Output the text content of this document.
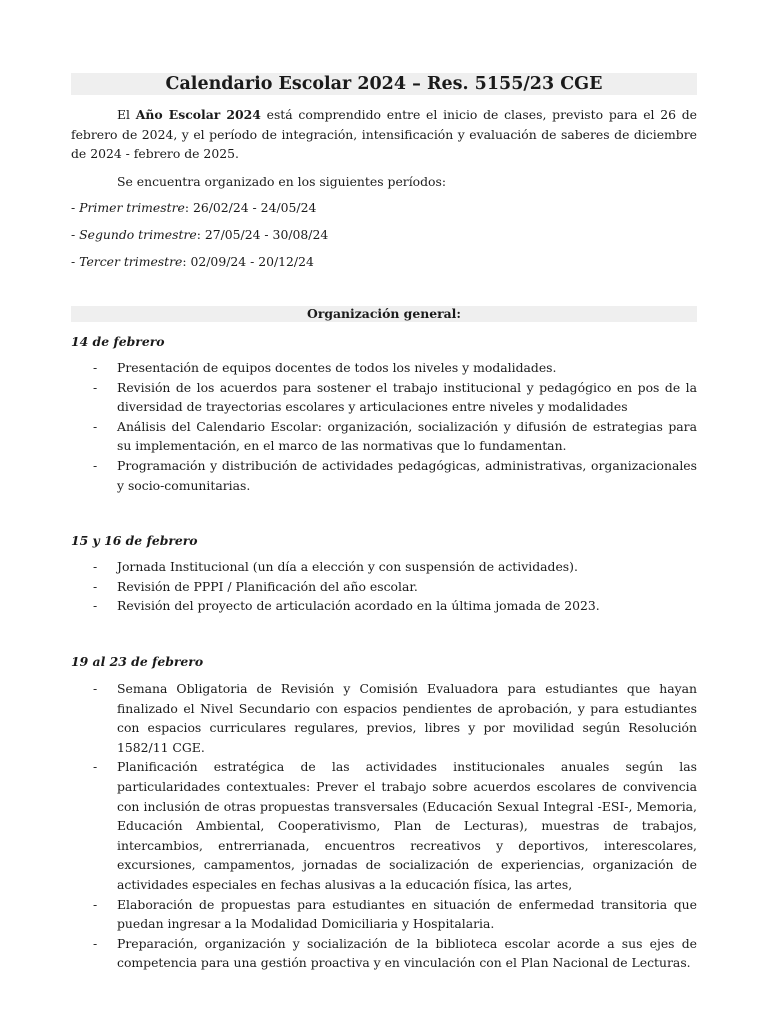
Calendario Escolar 2024 – Res. 5155/23 CGE

El Año Escolar 2024 está comprendido entre el inicio de clases, previsto para el 26 de febrero de 2024, y el período de integración, intensificación y evaluación de saberes de diciembre de 2024 - febrero de 2025.

Se encuentra organizado en los siguientes períodos:

- Primer trimestre: 26/02/24 - 24/05/24

- Segundo trimestre: 27/05/24 - 30/08/24

- Tercer trimestre: 02/09/24 - 20/12/24

Organización general:

14 de febrero

- Presentación de equipos docentes de todos los niveles y modalidades.
- Revisión de los acuerdos para sostener el trabajo institucional y pedagógico en pos de la diversidad de trayectorias escolares y articulaciones entre niveles y modalidades
- Análisis del Calendario Escolar: organización, socialización y difusión de estrategias para su implementación, en el marco de las normativas que lo fundamentan.
- Programación y distribución de actividades pedagógicas, administrativas, organizacionales y socio-comunitarias.

15 y 16 de febrero

- Jornada Institucional (un día a elección y con suspensión de actividades).
- Revisión de PPPI / Planificación del año escolar.
- Revisión del proyecto de articulación acordado en la última jomada de 2023.

19 al 23 de febrero

- Semana Obligatoria de Revisión y Comisión Evaluadora para estudiantes que hayan finalizado el Nivel Secundario con espacios pendientes de aprobación, y para estudiantes con espacios curriculares regulares, previos, libres y por movilidad según Resolución 1582/11 CGE.
- Planificación estratégica de las actividades institucionales anuales según las particularidades contextuales: Prever el trabajo sobre acuerdos escolares de convivencia con inclusión de otras propuestas transversales (Educación Sexual Integral -ESI-, Memoria, Educación Ambiental, Cooperativismo, Plan de Lecturas), muestras de trabajos, intercambios, entrerrianada, encuentros recreativos y deportivos, interescolares, excursiones, campamentos, jornadas de socialización de experiencias, organización de actividades especiales en fechas alusivas a la educación física, las artes,
- Elaboración de propuestas para estudiantes en situación de enfermedad transitoria que puedan ingresar a la Modalidad Domiciliaria y Hospitalaria.
- Preparación, organización y socialización de la biblioteca escolar acorde a sus ejes de competencia para una gestión proactiva y en vinculación con el Plan Nacional de Lecturas.
